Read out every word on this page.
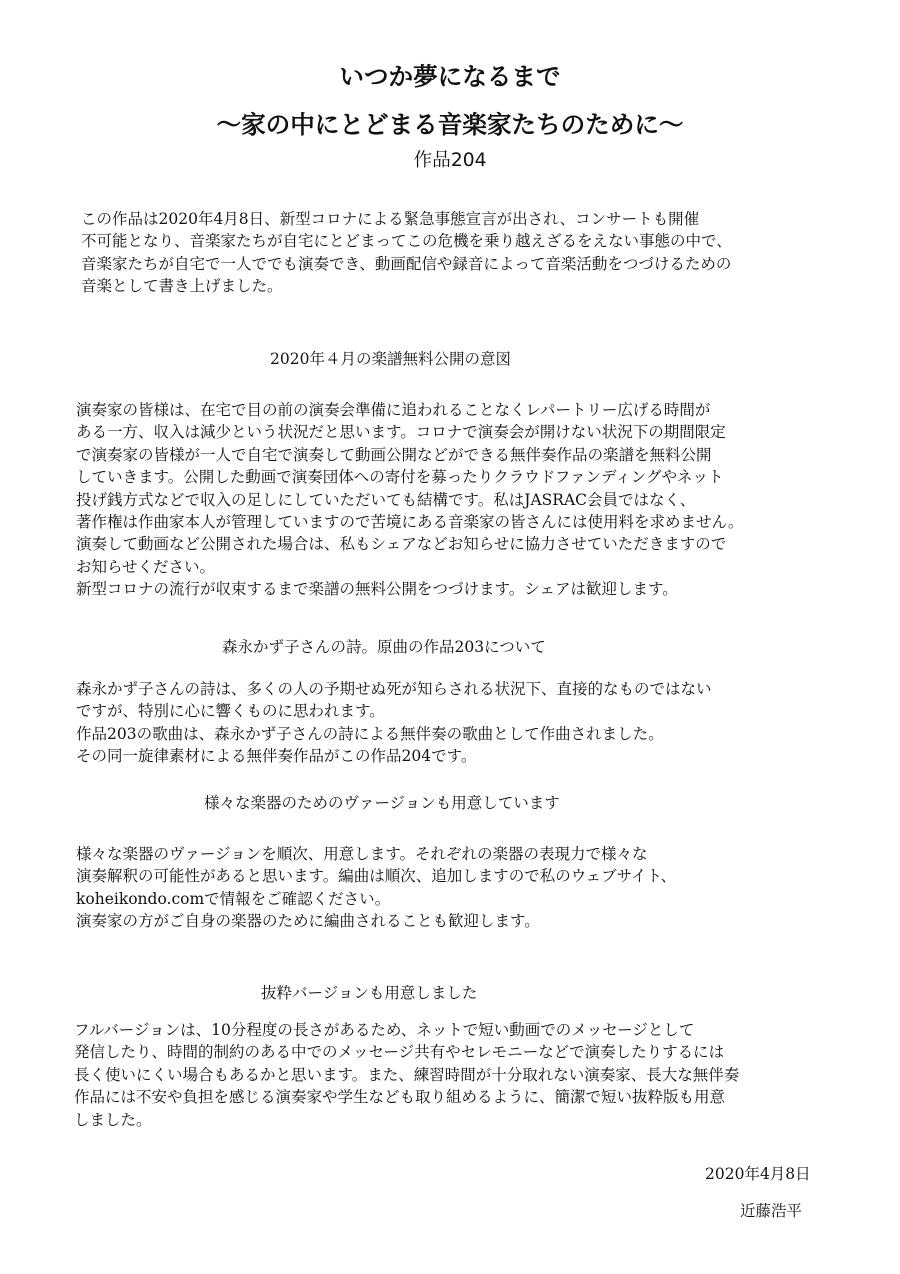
いつか夢になるまで
～家の中にとどまる音楽家たちのために～
作品204
この作品は2020年4月8日、新型コロナによる緊急事態宣言が出され、コンサートも開催
不可能となり、音楽家たちが自宅にとどまってこの危機を乗り越えざるをえない事態の中で、
音楽家たちが自宅で一人ででも演奏でき、動画配信や録音によって音楽活動をつづけるための
音楽として書き上げました。
2020年４月の楽譜無料公開の意図
演奏家の皆様は、在宅で目の前の演奏会準備に追われることなくレパートリー広げる時間が
ある一方、収入は減少という状況だと思います。コロナで演奏会が開けない状況下の期間限定
で演奏家の皆様が一人で自宅で演奏して動画公開などができる無伴奏作品の楽譜を無料公開
していきます。公開した動画で演奏団体への寄付を募ったりクラウドファンディングやネット
投げ銭方式などで収入の足しにしていただいても結構です。私はJASRAC会員ではなく、
著作権は作曲家本人が管理していますので苦境にある音楽家の皆さんには使用料を求めません。
演奏して動画など公開された場合は、私もシェアなどお知らせに協力させていただきますので
お知らせください。
新型コロナの流行が収束するまで楽譜の無料公開をつづけます。シェアは歓迎します。
森永かず子さんの詩。原曲の作品203について
森永かず子さんの詩は、多くの人の予期せぬ死が知らされる状況下、直接的なものではない
ですが、特別に心に響くものに思われます。
作品203の歌曲は、森永かず子さんの詩による無伴奏の歌曲として作曲されました。
その同一旋律素材による無伴奏作品がこの作品204です。
様々な楽器のためのヴァージョンも用意しています
様々な楽器のヴァージョンを順次、用意します。それぞれの楽器の表現力で様々な
演奏解釈の可能性があると思います。編曲は順次、追加しますので私のウェブサイト、
koheikondo.comで情報をご確認ください。
演奏家の方がご自身の楽器のために編曲されることも歓迎します。
抜粋バージョンも用意しました
フルバージョンは、10分程度の長さがあるため、ネットで短い動画でのメッセージとして
発信したり、時間的制約のある中でのメッセージ共有やセレモニーなどで演奏したりするには
長く使いにくい場合もあるかと思います。また、練習時間が十分取れない演奏家、長大な無伴奏
作品には不安や負担を感じる演奏家や学生なども取り組めるように、簡潔で短い抜粋版も用意
しました。
2020年4月8日
近藤浩平
